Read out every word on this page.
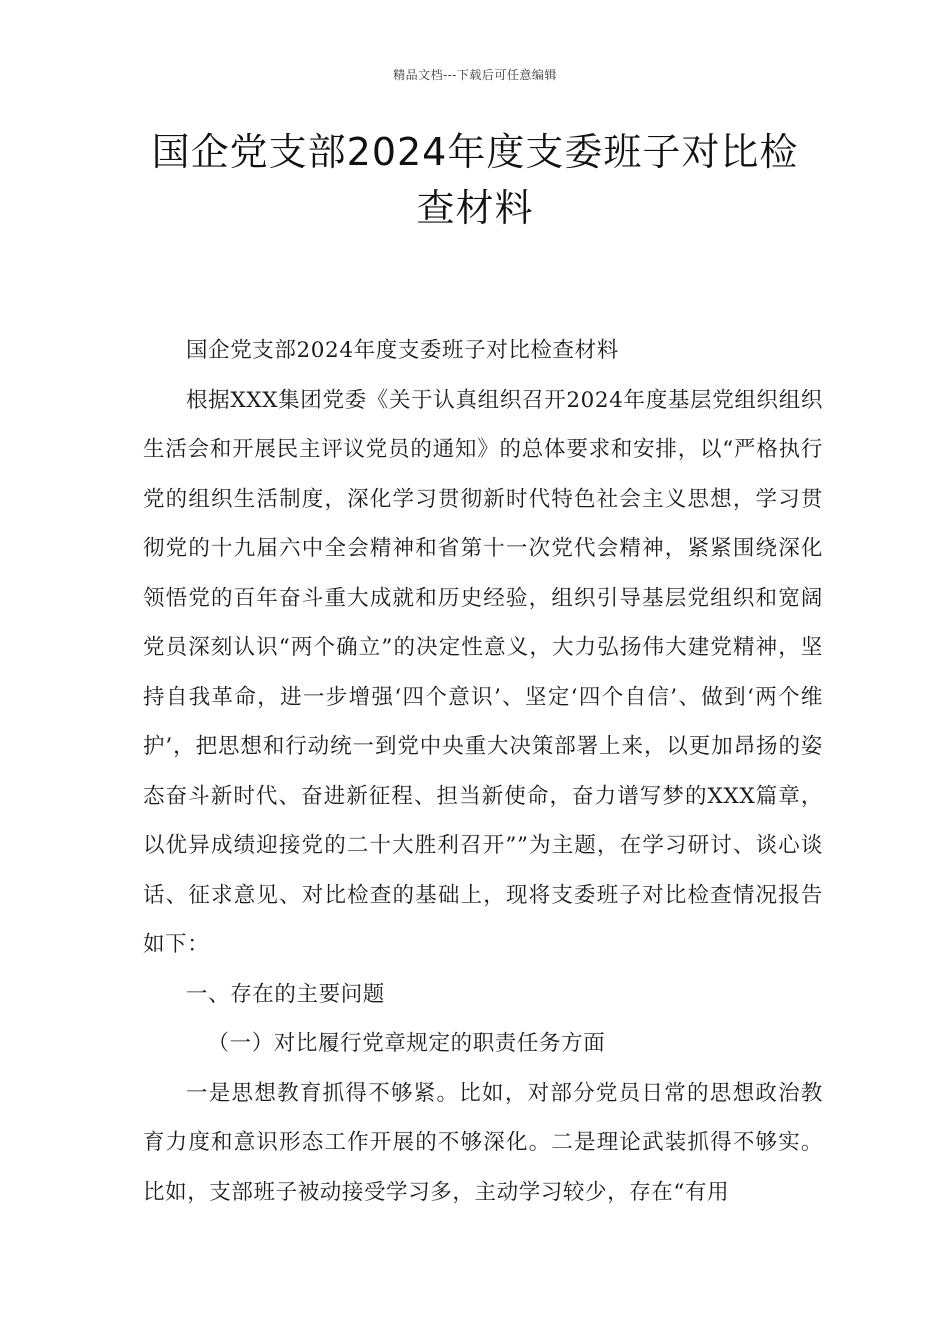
精品文档---下载后可任意编辑
国企党支部2024年度支委班子对比检
查材料

国企党支部2024年度支委班子对比检查材料

根据XXX集团党委《关于认真组织召开2024年度基层党组织组织生活会和开展民主评议党员的通知》的总体要求和安排，以“严格执行党的组织生活制度，深化学习贯彻新时代特色社会主义思想，学习贯彻党的十九届六中全会精神和省第十一次党代会精神，紧紧围绕深化领悟党的百年奋斗重大成就和历史经验，组织引导基层党组织和宽阔党员深刻认识“两个确立”的决定性意义，大力弘扬伟大建党精神，坚持自我革命，进一步增强‘四个意识’、坚定‘四个自信’、做到‘两个维护’，把思想和行动统一到党中央重大决策部署上来，以更加昂扬的姿态奋斗新时代、奋进新征程、担当新使命，奋力谱写梦的XXX篇章，以优异成绩迎接党的二十大胜利召开””为主题，在学习研讨、谈心谈话、征求意见、对比检查的基础上，现将支委班子对比检查情况报告如下：

一、存在的主要问题

（一）对比履行党章规定的职责任务方面

一是思想教育抓得不够紧。比如，对部分党员日常的思想政治教育力度和意识形态工作开展的不够深化。二是理论武装抓得不够实。比如，支部班子被动接受学习多，主动学习较少，存在“有用
